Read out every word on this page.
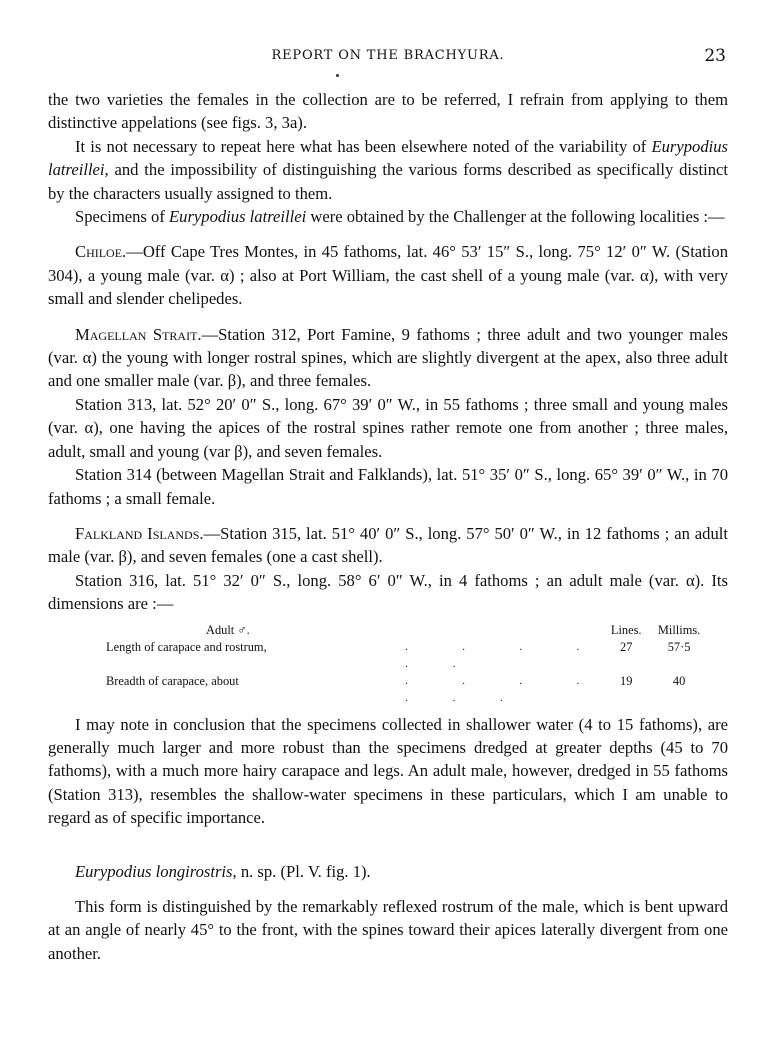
REPORT ON THE BRACHYURA.	23

the two varieties the females in the collection are to be referred, I refrain from applying to them distinctive appelations (see figs. 3, 3a).

It is not necessary to repeat here what has been elsewhere noted of the variability of Eurypodius latreillei, and the impossibility of distinguishing the various forms described as specifically distinct by the characters usually assigned to them.

Specimens of Eurypodius latreillei were obtained by the Challenger at the following localities :—

Chiloe.—Off Cape Tres Montes, in 45 fathoms, lat. 46° 53′ 15″ S., long. 75° 12′ 0″ W. (Station 304), a young male (var. α) ; also at Port William, the cast shell of a young male (var. α), with very small and slender chelipedes.

Magellan Strait.—Station 312, Port Famine, 9 fathoms ; three adult and two younger males (var. α) the young with longer rostral spines, which are slightly divergent at the apex, also three adult and one smaller male (var. β), and three females.

Station 313, lat. 52° 20′ 0″ S., long. 67° 39′ 0″ W., in 55 fathoms ; three small and young males (var. α), one having the apices of the rostral spines rather remote one from another ; three males, adult, small and young (var β), and seven females.

Station 314 (between Magellan Strait and Falklands), lat. 51° 35′ 0″ S., long. 65° 39′ 0″ W., in 70 fathoms ; a small female.

Falkland Islands.—Station 315, lat. 51° 40′ 0″ S., long. 57° 50′ 0″ W., in 12 fathoms ; an adult male (var. β), and seven females (one a cast shell).

Station 316, lat. 51° 32′ 0″ S., long. 58° 6′ 0″ W., in 4 fathoms ; an adult male (var. α). Its dimensions are :—

Adult ♂.		Lines.	Millims.
Length of carapace and rostrum,	. . . . . .	27	57·5
Breadth of carapace, about	. . . . . . .	19	40

I may note in conclusion that the specimens collected in shallower water (4 to 15 fathoms), are generally much larger and more robust than the specimens dredged at greater depths (45 to 70 fathoms), with a much more hairy carapace and legs. An adult male, however, dredged in 55 fathoms (Station 313), resembles the shallow-water specimens in these particulars, which I am unable to regard as of specific importance.

Eurypodius longirostris, n. sp. (Pl. V. fig. 1).

This form is distinguished by the remarkably reflexed rostrum of the male, which is bent upward at an angle of nearly 45° to the front, with the spines toward their apices laterally divergent from one another.
